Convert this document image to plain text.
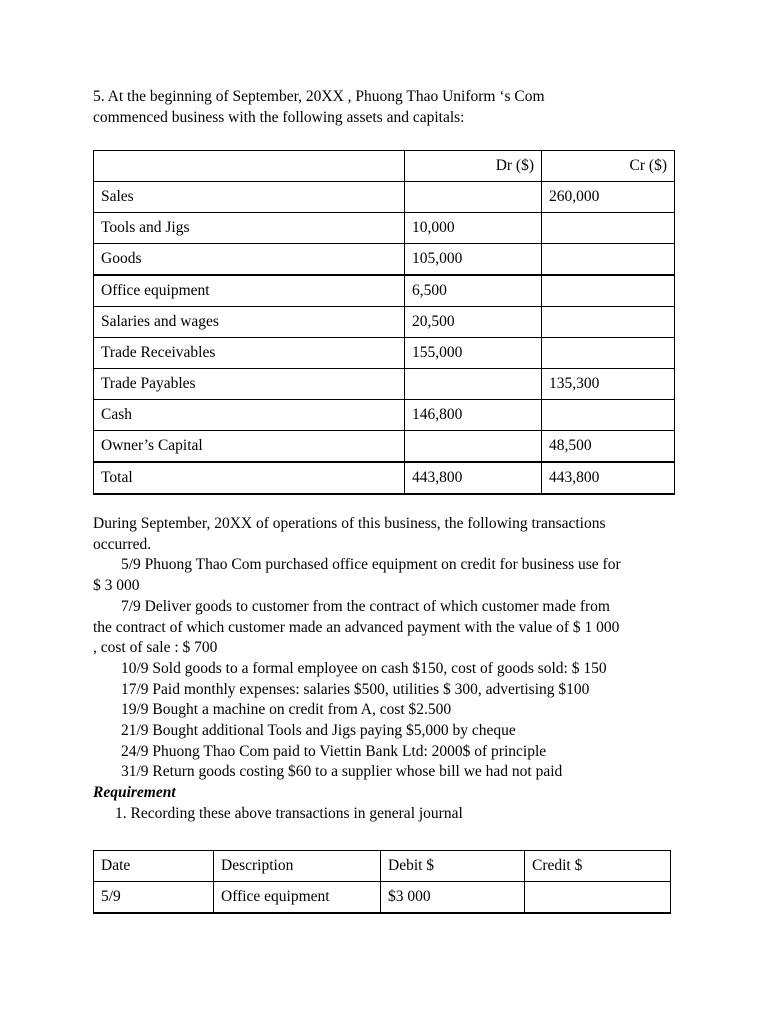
5. At the beginning of September, 20XX , Phuong Thao Uniform ‘s Com
commenced business with the following assets and capitals:

	Dr ($)	Cr ($)
Sales		260,000
Tools and Jigs	10,000	
Goods	105,000	
Office equipment	6,500	
Salaries and wages	20,500	
Trade Receivables	155,000	
Trade Payables		135,300
Cash	146,800	
Owner’s Capital		48,500
Total	443,800	443,800

During September, 20XX of operations of this business, the following transactions
occurred.

5/9 Phuong Thao Com purchased office equipment on credit for business use for
$ 3 000

7/9 Deliver goods to customer from the contract of which customer made from
the contract of which customer made an advanced payment with the value of $ 1 000
, cost of sale : $ 700

10/9 Sold goods to a formal employee on cash $150, cost of goods sold: $ 150

17/9 Paid monthly expenses: salaries $500, utilities $ 300, advertising $100

19/9 Bought a machine on credit from A, cost $2.500

21/9 Bought additional Tools and Jigs paying $5,000 by cheque

24/9 Phuong Thao Com paid to Viettin Bank Ltd: 2000$ of principle

31/9 Return goods costing $60 to a supplier whose bill we had not paid

Requirement

1. Recording these above transactions in general journal

Date	Description	Debit $	Credit $
5/9	Office equipment	$3 000	
